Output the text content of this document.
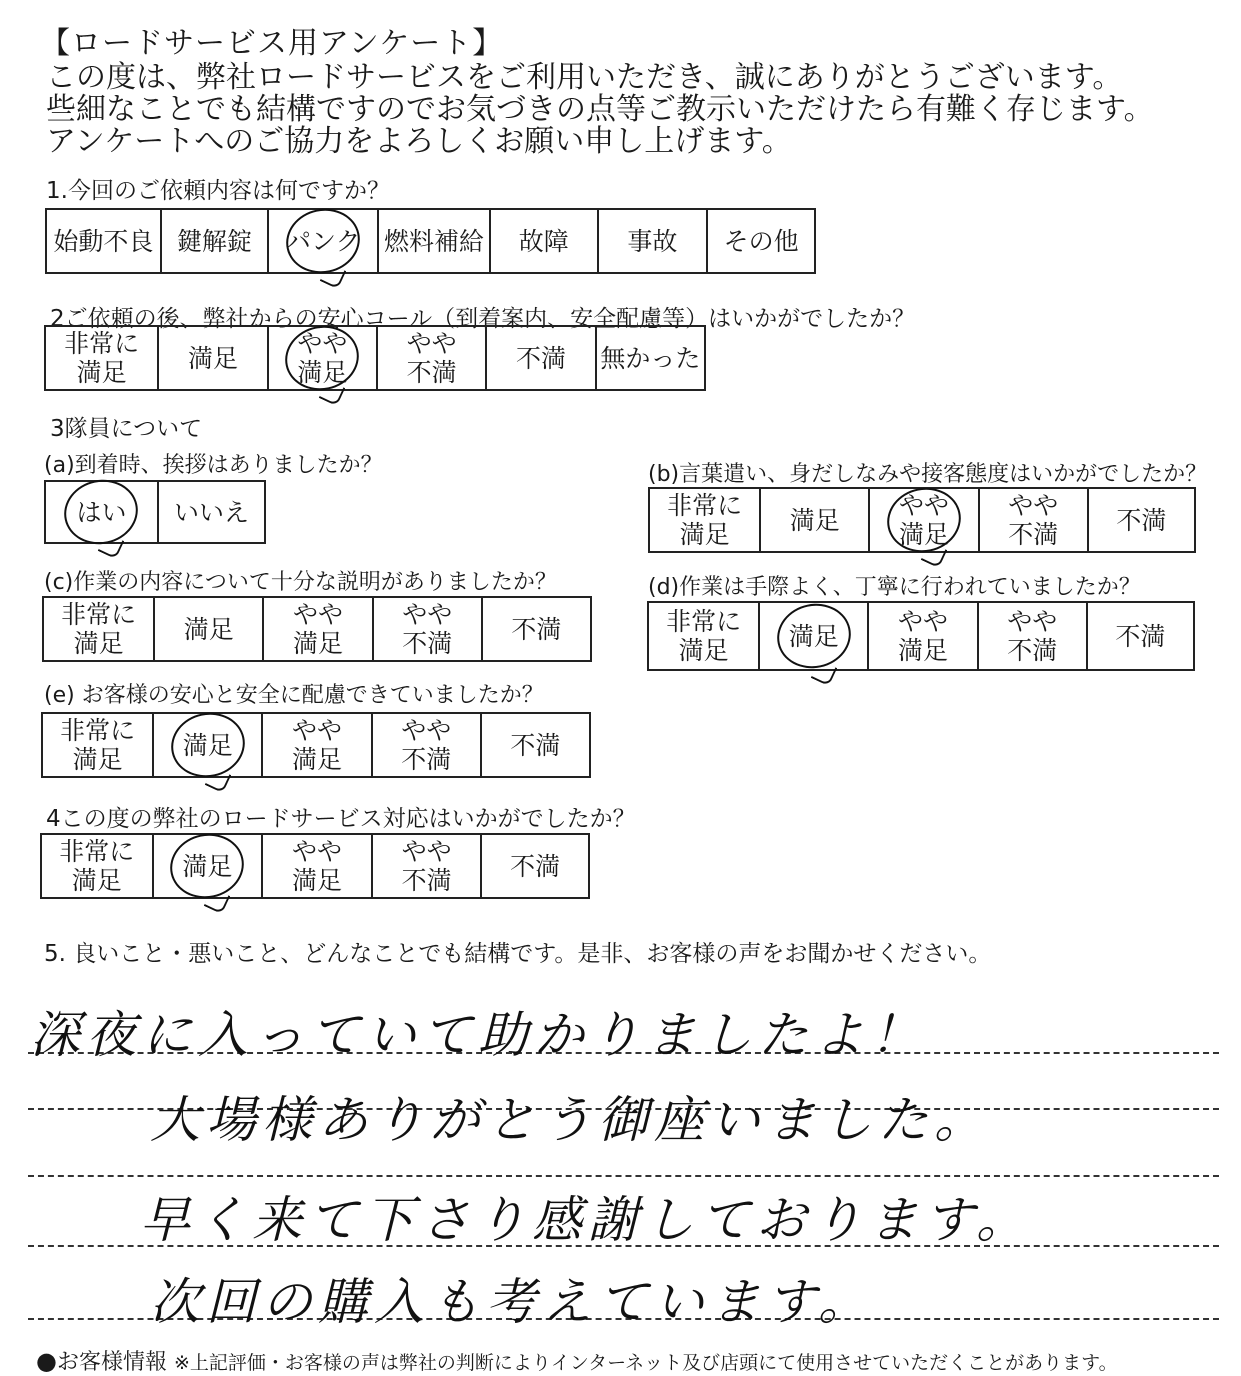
【ロードサービス用アンケート】
この度は、弊社ロードサービスをご利用いただき、誠にありがとうございます。
些細なことでも結構ですのでお気づきの点等ご教示いただけたら有難く存じます。
アンケートへのご協力をよろしくお願い申し上げます。
1.今回のご依頼内容は何ですか？
始動不良 鍵解錠 パンク 燃料補給 故障 事故 その他
2ご依頼の後、弊社からの安心コール（到着案内、安全配慮等）はいかがでしたか？
非常に
満足	満足 やや
満足
やや
不満 不満 無かった
3隊員について
(a)到着時、挨拶はありましたか？
はい いいえ
(b)言葉遣い、身だしなみや接客態度はいかがでしたか？
非常に
満足	満足 やや
満足
やや
不満 不満
(c)作業の内容について十分な説明がありましたか？
非常に
満足	満足 やや
満足
やや
不満 不満
(d)作業は手際よく、丁寧に行われていましたか？
非常に
満足	満足 やや
満足
やや
不満 不満
(e) お客様の安心と安全に配慮できていましたか？
非常に
満足	満足 やや
満足
やや
不満 不満
4この度の弊社のロードサービス対応はいかがでしたか？
非常に
満足	満足 やや
満足
やや
不満 不満
5. 良いこと・悪いこと、どんなことでも結構です。是非、お客様の声をお聞かせください。
深夜に入っていて助かりましたよ！
大場様ありがとう御座いました。
早く来て下さり感謝しております。
次回の購入も考えています。
●お客様情報 ※上記評価・お客様の声は弊社の判断によりインターネット及び店頭にて使用させていただくことがあります。
